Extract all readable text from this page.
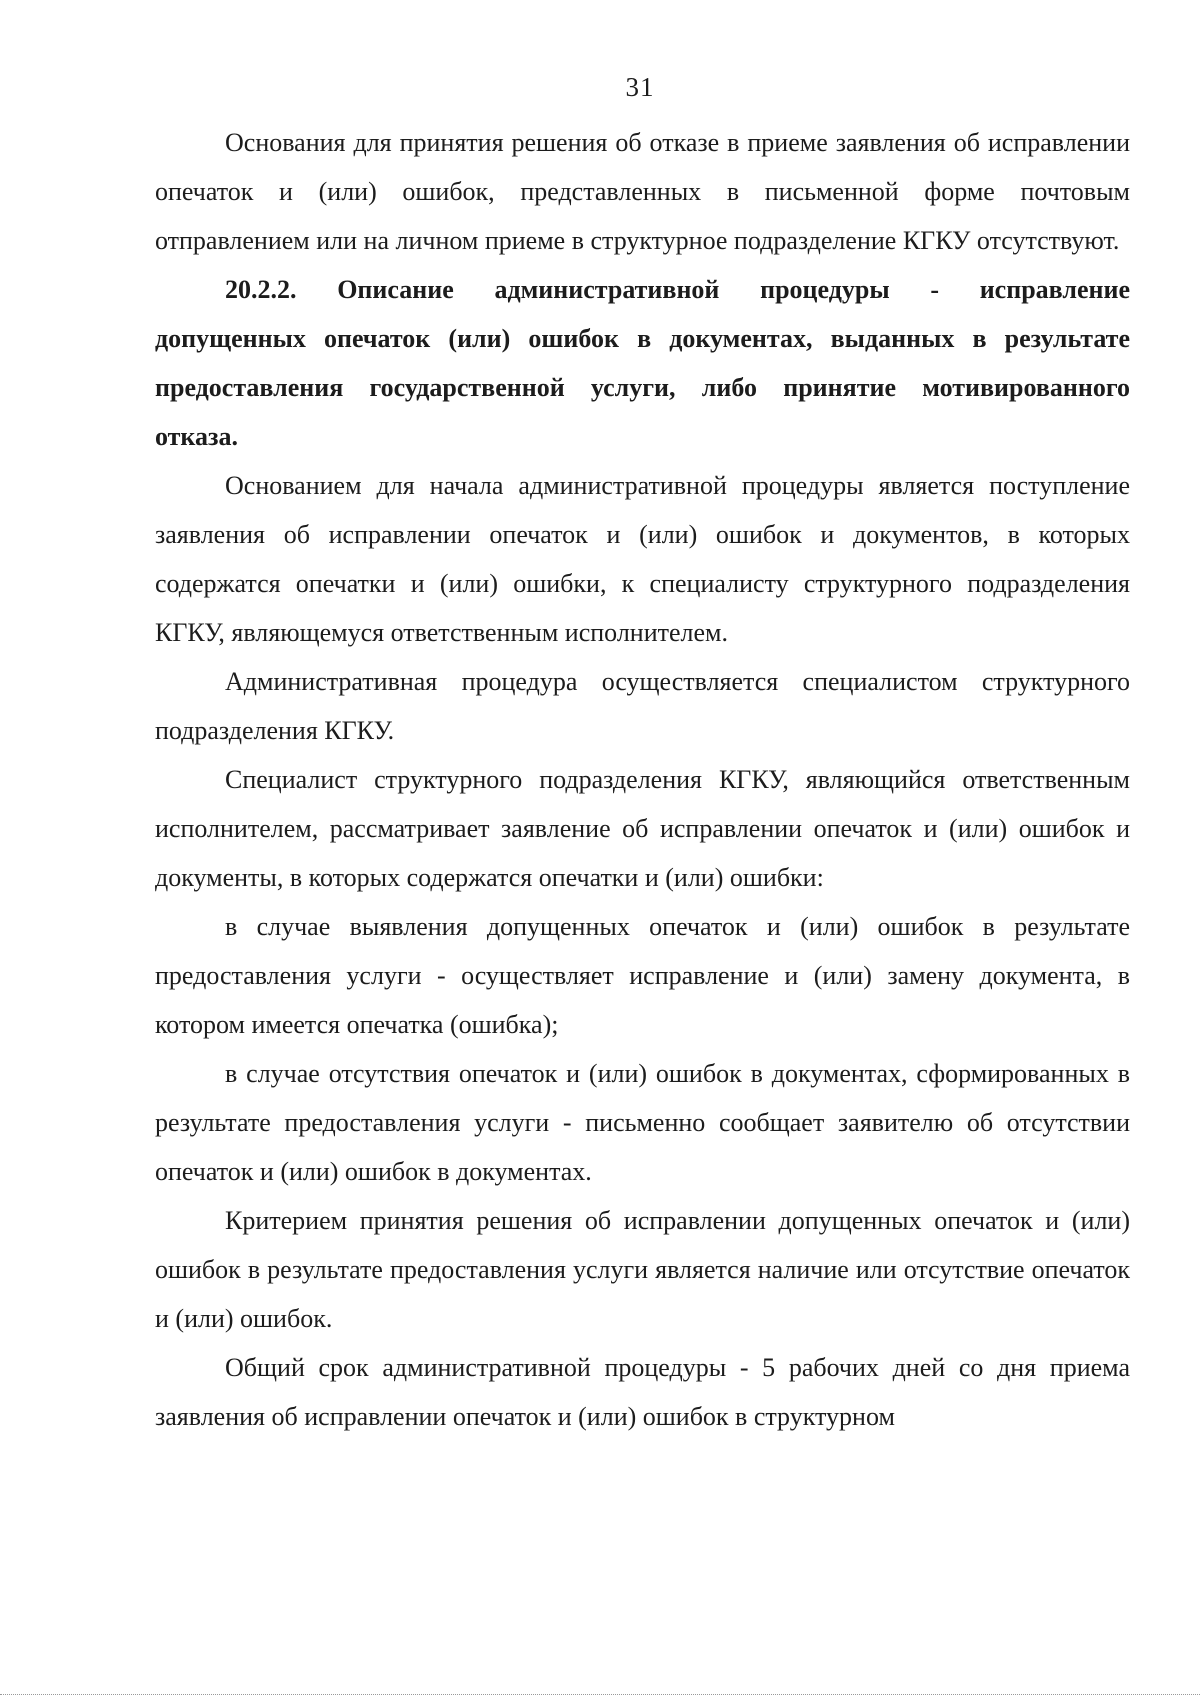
31

Основания для принятия решения об отказе в приеме заявления об исправлении опечаток и (или) ошибок, представленных в письменной форме почтовым отправлением или на личном приеме в структурное подразделение КГКУ отсутствуют.

20.2.2. Описание административной процедуры - исправление допущенных опечаток (или) ошибок в документах, выданных в результате предоставления государственной услуги, либо принятие мотивированного отказа.

Основанием для начала административной процедуры является поступление заявления об исправлении опечаток и (или) ошибок и документов, в которых содержатся опечатки и (или) ошибки, к специалисту структурного подразделения КГКУ, являющемуся ответственным исполнителем.

Административная процедура осуществляется специалистом структурного подразделения КГКУ.

Специалист структурного подразделения КГКУ, являющийся ответственным исполнителем, рассматривает заявление об исправлении опечаток и (или) ошибок и документы, в которых содержатся опечатки и (или) ошибки:

в случае выявления допущенных опечаток и (или) ошибок в результате предоставления услуги - осуществляет исправление и (или) замену документа, в котором имеется опечатка (ошибка);

в случае отсутствия опечаток и (или) ошибок в документах, сформированных в результате предоставления услуги - письменно сообщает заявителю об отсутствии опечаток и (или) ошибок в документах.

Критерием принятия решения об исправлении допущенных опечаток и (или) ошибок в результате предоставления услуги является наличие или отсутствие опечаток и (или) ошибок.

Общий срок административной процедуры - 5 рабочих дней со дня приема заявления об исправлении опечаток и (или) ошибок в структурном
